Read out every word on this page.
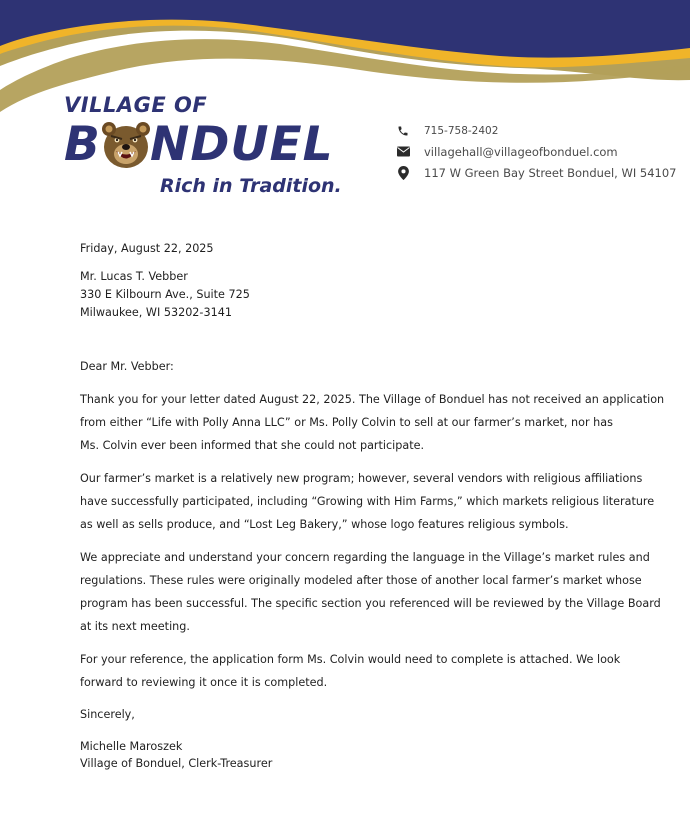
VILLAGE OF
B NDUEL
Rich in Tradition.
715-758-2402
villagehall@villageofbonduel.com
117 W Green Bay Street Bonduel, WI 54107
Friday, August 22, 2025
Mr. Lucas T. Vebber
330 E Kilbourn Ave., Suite 725
Milwaukee, WI 53202-3141
Dear Mr. Vebber:
Thank you for your letter dated August 22, 2025. The Village of Bonduel has not received an application
from either “Life with Polly Anna LLC” or Ms. Polly Colvin to sell at our farmer’s market, nor has
Ms. Colvin ever been informed that she could not participate.
Our farmer’s market is a relatively new program; however, several vendors with religious affiliations
have successfully participated, including “Growing with Him Farms,” which markets religious literature
as well as sells produce, and “Lost Leg Bakery,” whose logo features religious symbols.
We appreciate and understand your concern regarding the language in the Village’s market rules and
regulations. These rules were originally modeled after those of another local farmer’s market whose
program has been successful. The specific section you referenced will be reviewed by the Village Board
at its next meeting.
For your reference, the application form Ms. Colvin would need to complete is attached. We look
forward to reviewing it once it is completed.
Sincerely,
Michelle Maroszek
Village of Bonduel, Clerk-Treasurer
